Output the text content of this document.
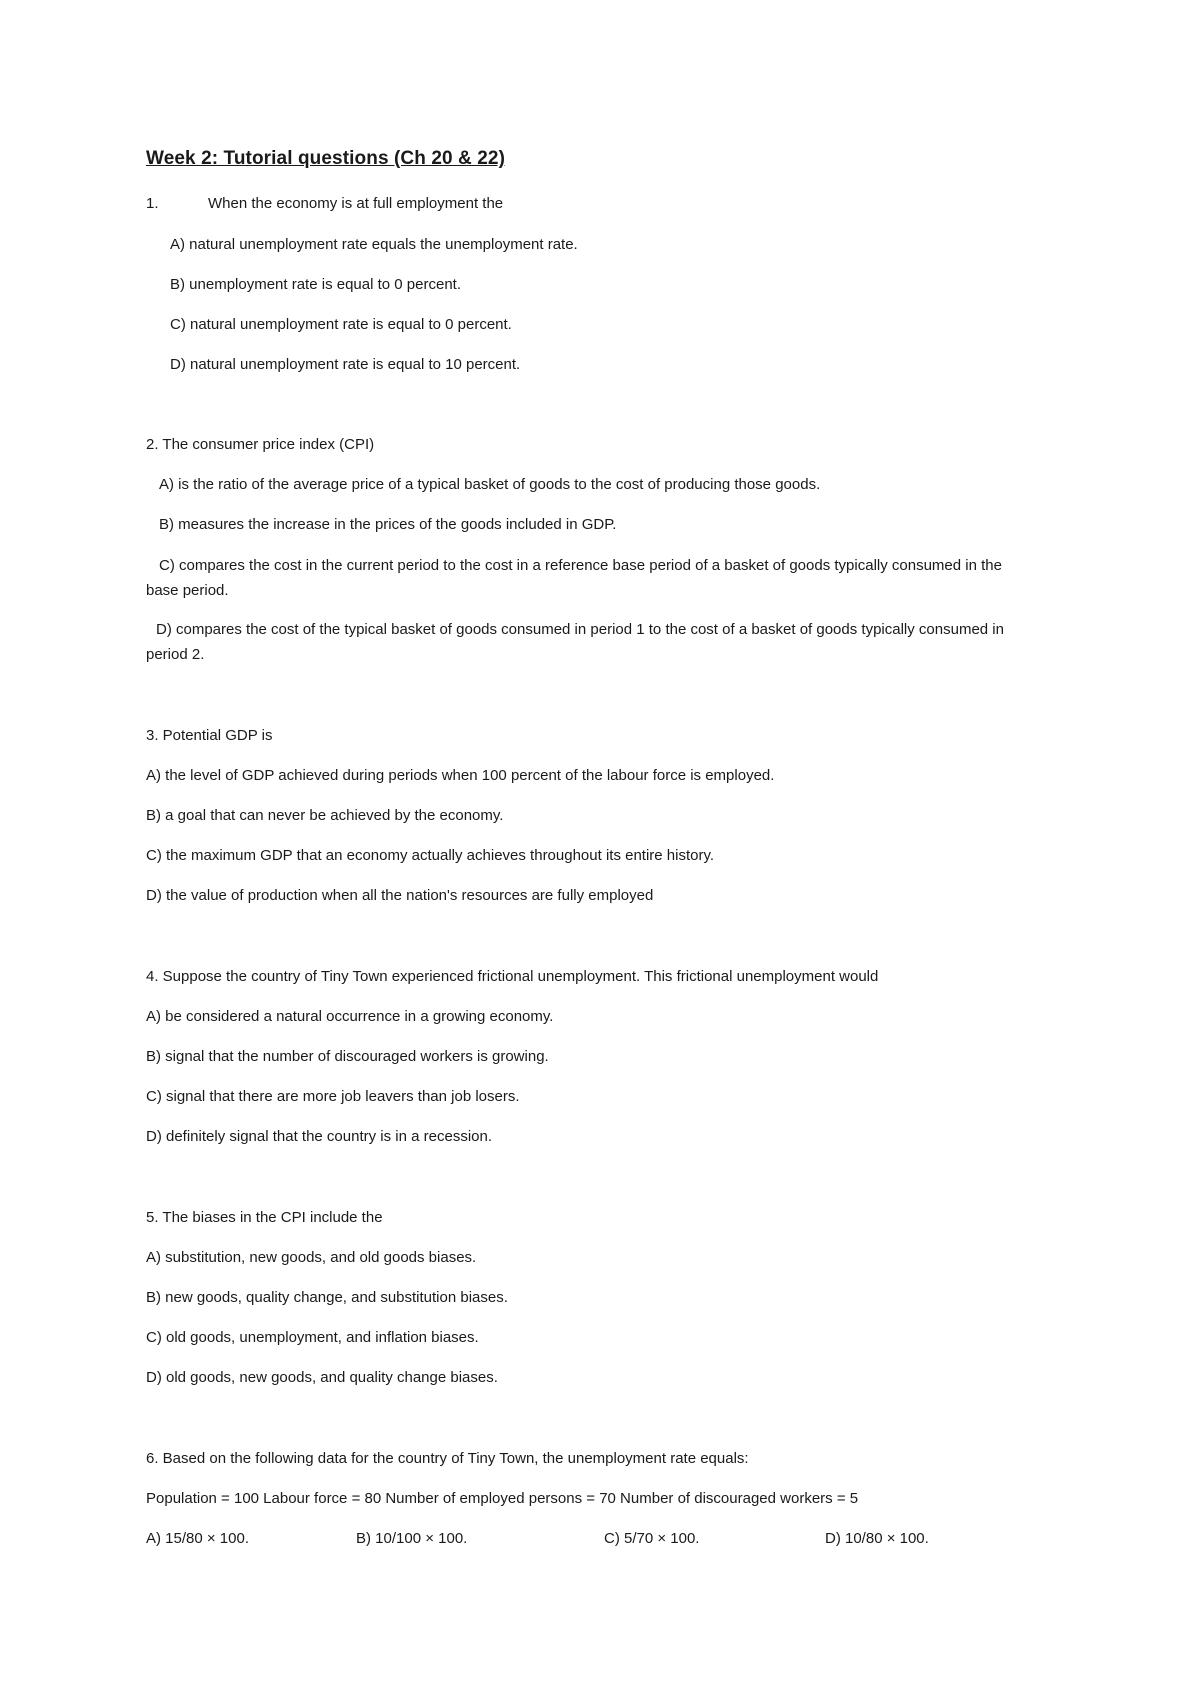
Week 2: Tutorial questions (Ch 20 & 22)
1.	When the economy is at full employment the
A) natural unemployment rate equals the unemployment rate.
B) unemployment rate is equal to 0 percent.
C) natural unemployment rate is equal to 0 percent.
D) natural unemployment rate is equal to 10 percent.
2. The consumer price index (CPI)
A) is the ratio of the average price of a typical basket of goods to the cost of producing those goods.
B) measures the increase in the prices of the goods included in GDP.
C) compares the cost in the current period to the cost in a reference base period of a basket of goods typically consumed in the base period.
D) compares the cost of the typical basket of goods consumed in period 1 to the cost of a basket of goods typically consumed in period 2.
3. Potential GDP is
A) the level of GDP achieved during periods when 100 percent of the labour force is employed.
B) a goal that can never be achieved by the economy.
C) the maximum GDP that an economy actually achieves throughout its entire history.
D) the value of production when all the nation's resources are fully employed
4. Suppose the country of Tiny Town experienced frictional unemployment. This frictional unemployment would
A) be considered a natural occurrence in a growing economy.
B) signal that the number of discouraged workers is growing.
C) signal that there are more job leavers than job losers.
D) definitely signal that the country is in a recession.
5. The biases in the CPI include the
A) substitution, new goods, and old goods biases.
B) new goods, quality change, and substitution biases.
C) old goods, unemployment, and inflation biases.
D) old goods, new goods, and quality change biases.
6. Based on the following data for the country of Tiny Town, the unemployment rate equals:
Population = 100 Labour force = 80 Number of employed persons = 70 Number of discouraged workers = 5
A) 15/80 × 100.	B) 10/100 × 100.	C) 5/70 × 100.	D) 10/80 × 100.
